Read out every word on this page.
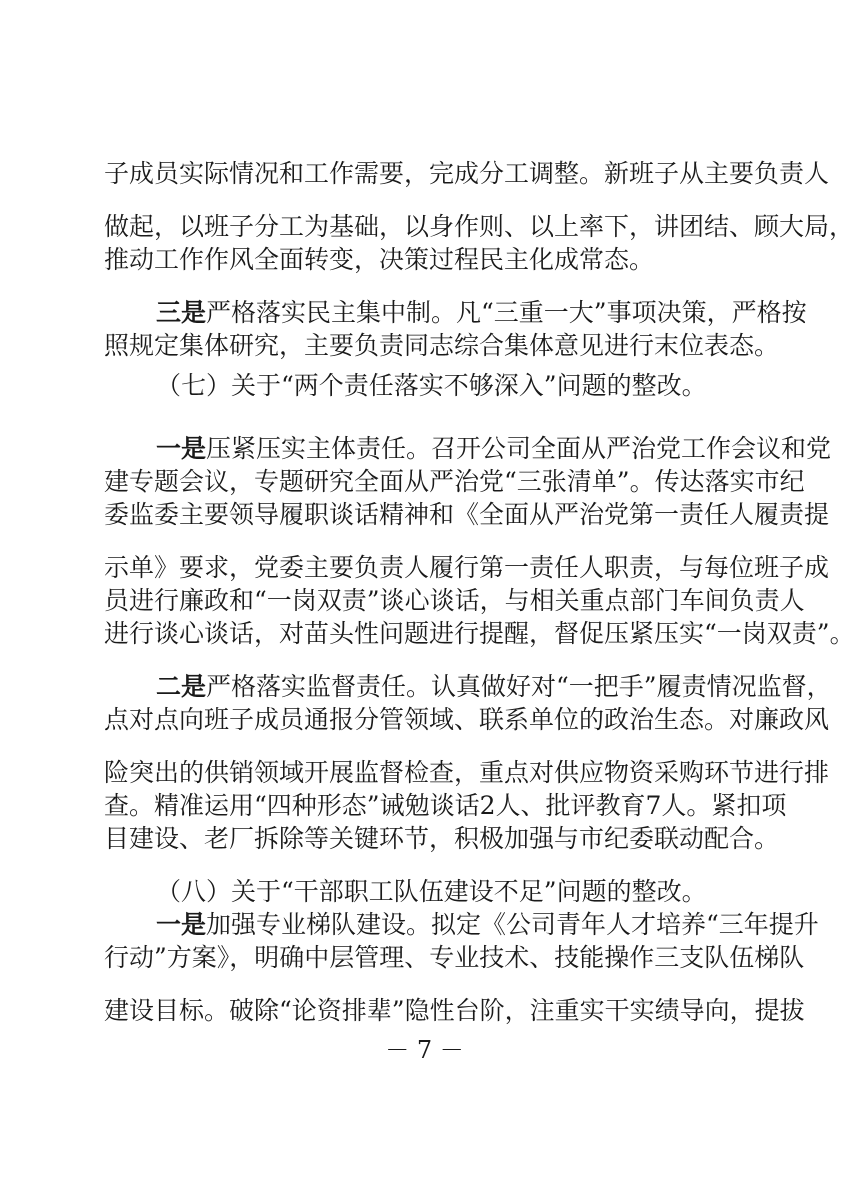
子成员实际情况和工作需要，完成分工调整。新班子从主要负责人
做起，以班子分工为基础，以身作则、以上率下，讲团结、顾大局，
推动工作作风全面转变，决策过程民主化成常态。
三是严格落实民主集中制。凡“三重一大”事项决策，严格按
照规定集体研究，主要负责同志综合集体意见进行末位表态。
（七）关于“两个责任落实不够深入”问题的整改。
一是压紧压实主体责任。召开公司全面从严治党工作会议和党
建专题会议，专题研究全面从严治党“三张清单”。传达落实市纪
委监委主要领导履职谈话精神和《全面从严治党第一责任人履责提
示单》要求，党委主要负责人履行第一责任人职责，与每位班子成
员进行廉政和“一岗双责”谈心谈话，与相关重点部门车间负责人
进行谈心谈话，对苗头性问题进行提醒，督促压紧压实“一岗双责”。
二是严格落实监督责任。认真做好对“一把手”履责情况监督，
点对点向班子成员通报分管领域、联系单位的政治生态。对廉政风
险突出的供销领域开展监督检查，重点对供应物资采购环节进行排
查。精准运用“四种形态”诫勉谈话2人、批评教育7人。紧扣项
目建设、老厂拆除等关键环节，积极加强与市纪委联动配合。
（八）关于“干部职工队伍建设不足”问题的整改。
一是加强专业梯队建设。拟定《公司青年人才培养“三年提升
行动”方案》，明确中层管理、专业技术、技能操作三支队伍梯队
建设目标。破除“论资排辈”隐性台阶，注重实干实绩导向，提拔
－ 7 －
